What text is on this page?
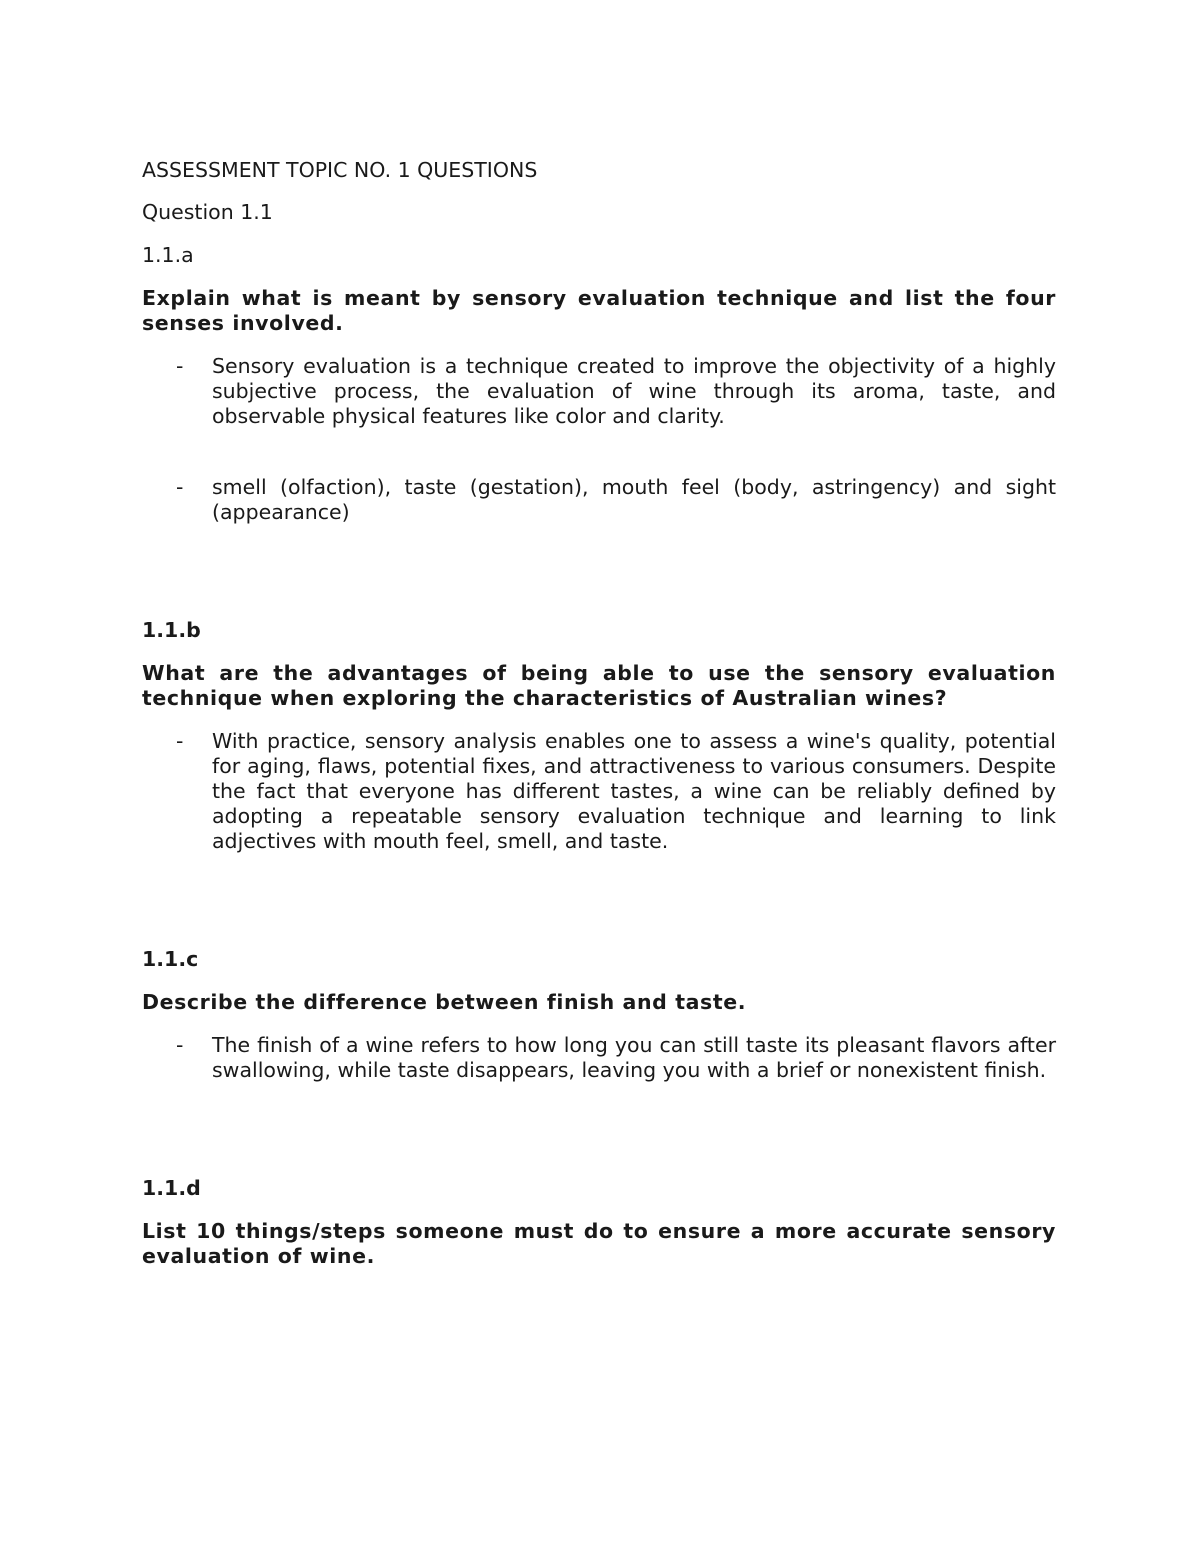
ASSESSMENT TOPIC NO. 1 QUESTIONS

Question 1.1

1.1.a

Explain what is meant by sensory evaluation technique and list the four senses involved.

- Sensory evaluation is a technique created to improve the objectivity of a highly subjective process, the evaluation of wine through its aroma, taste, and observable physical features like color and clarity.

- smell (olfaction), taste (gestation), mouth feel (body, astringency) and sight (appearance)

1.1.b

What are the advantages of being able to use the sensory evaluation technique when exploring the characteristics of Australian wines?

- With practice, sensory analysis enables one to assess a wine's quality, potential for aging, flaws, potential fixes, and attractiveness to various consumers. Despite the fact that everyone has different tastes, a wine can be reliably defined by adopting a repeatable sensory evaluation technique and learning to link adjectives with mouth feel, smell, and taste.

1.1.c

Describe the difference between finish and taste.

- The finish of a wine refers to how long you can still taste its pleasant flavors after swallowing, while taste disappears, leaving you with a brief or nonexistent finish.

1.1.d

List 10 things/steps someone must do to ensure a more accurate sensory evaluation of wine.
